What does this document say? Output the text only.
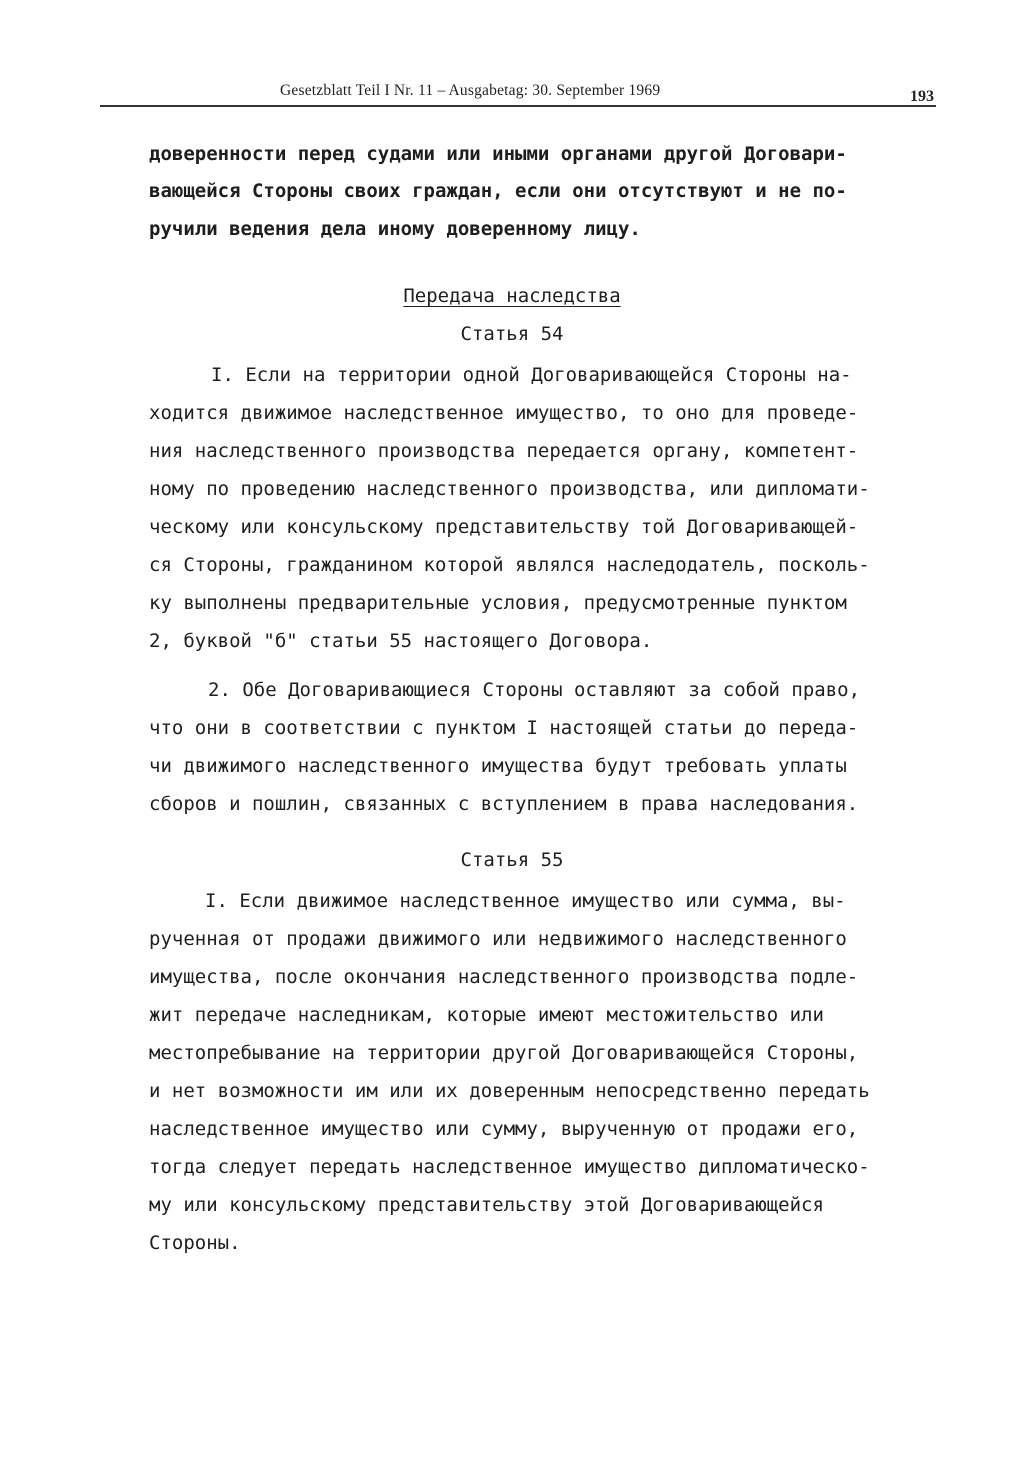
Gesetzblatt Teil I Nr. 11 – Ausgabetag: 30. September 1969	193
доверенности перед судами или иными органами другой Договари-
вающейся Стороны своих граждан, если они отсутствуют и не по-
ручили ведения дела иному доверенному лицу.
Передача наследства
Статья 54
I. Если на территории одной Договаривающейся Стороны на-
ходится движимое наследственное имущество, то оно для проведе-
ния наследственного производства передается органу, компетент-
ному по проведению наследственного производства, или дипломати-
ческому или консульскому представительству той Договаривающей-
ся Стороны, гражданином которой являлся наследодатель, посколь-
ку выполнены предварительные условия, предусмотренные пунктом
2, буквой "б" статьи 55 настоящего Договора.
2. Обе Договаривающиеся Стороны оставляют за собой право,
что они в соответствии с пунктом I настоящей статьи до переда-
чи движимого наследственного имущества будут требовать уплаты
сборов и пошлин, связанных с вступлением в права наследования.
Статья 55
I. Если движимое наследственное имущество или сумма, вы-
рученная от продажи движимого или недвижимого наследственного
имущества, после окончания наследственного производства подле-
жит передаче наследникам, которые имеют местожительство или
местопребывание на территории другой Договаривающейся Стороны,
и нет возможности им или их доверенным непосредственно передать
наследственное имущество или сумму, вырученную от продажи его,
тогда следует передать наследственное имущество дипломатическо-
му или консульскому представительству этой Договаривающейся
Стороны.
